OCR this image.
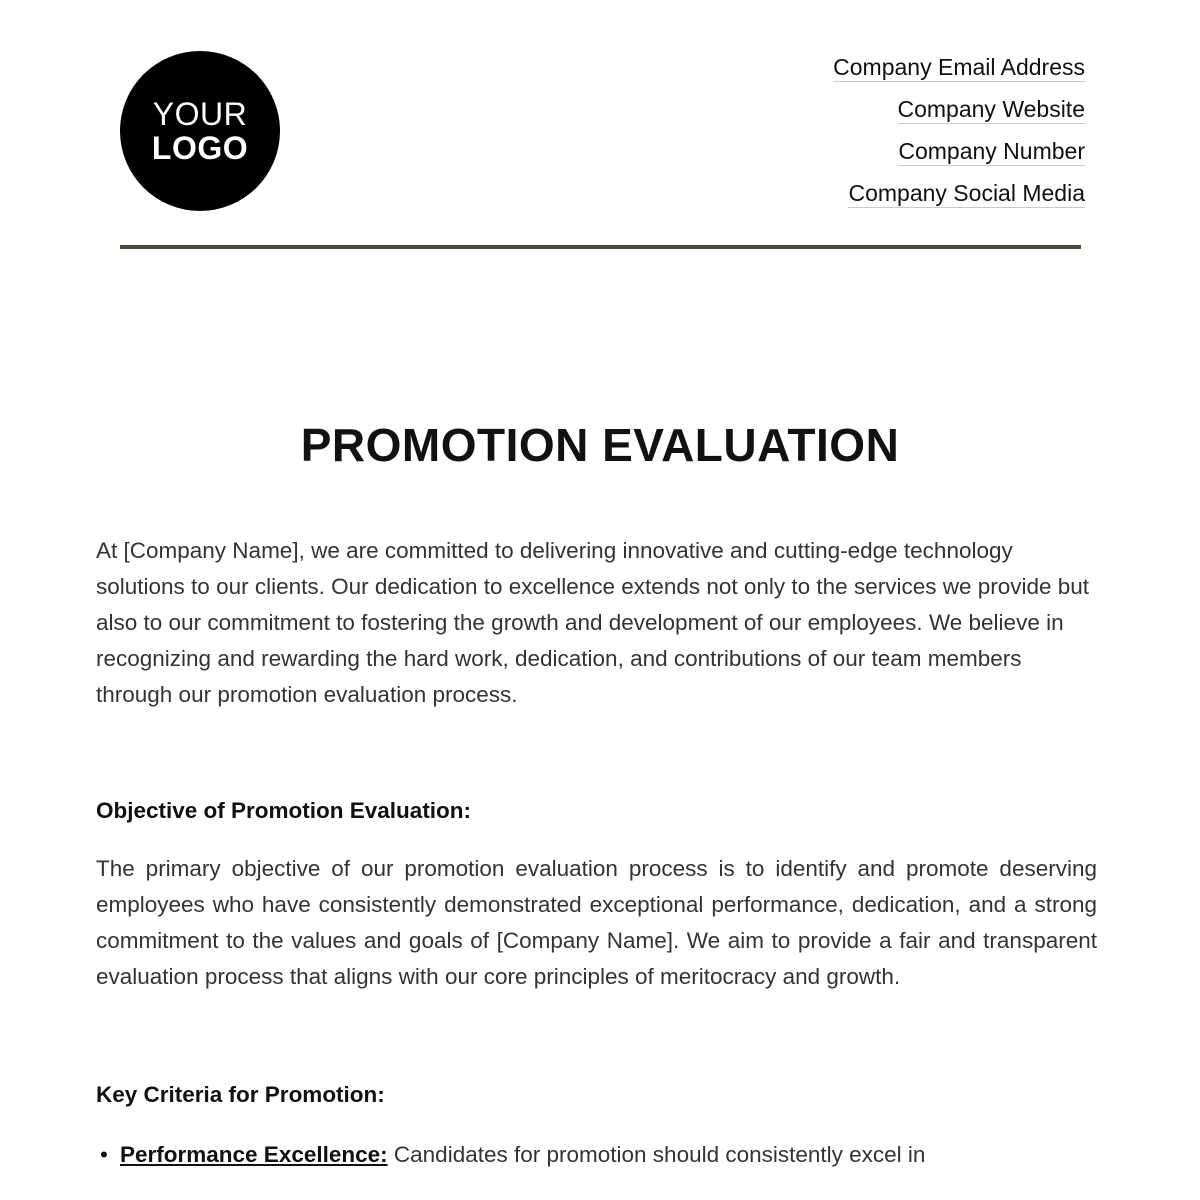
YOUR
LOGO
Company Email Address
Company Website
Company Number
Company Social Media
PROMOTION EVALUATION

At [Company Name], we are committed to delivering innovative and cutting-edge technology solutions to our clients. Our dedication to excellence extends not only to the services we provide but also to our commitment to fostering the growth and development of our employees. We believe in recognizing and rewarding the hard work, dedication, and contributions of our team members through our promotion evaluation process.

Objective of Promotion Evaluation:

The primary objective of our promotion evaluation process is to identify and promote deserving employees who have consistently demonstrated exceptional performance, dedication, and a strong commitment to the values and goals of [Company Name]. We aim to provide a fair and transparent evaluation process that aligns with our core principles of meritocracy and growth.

Key Criteria for Promotion:

• Performance Excellence: Candidates for promotion should consistently excel in
